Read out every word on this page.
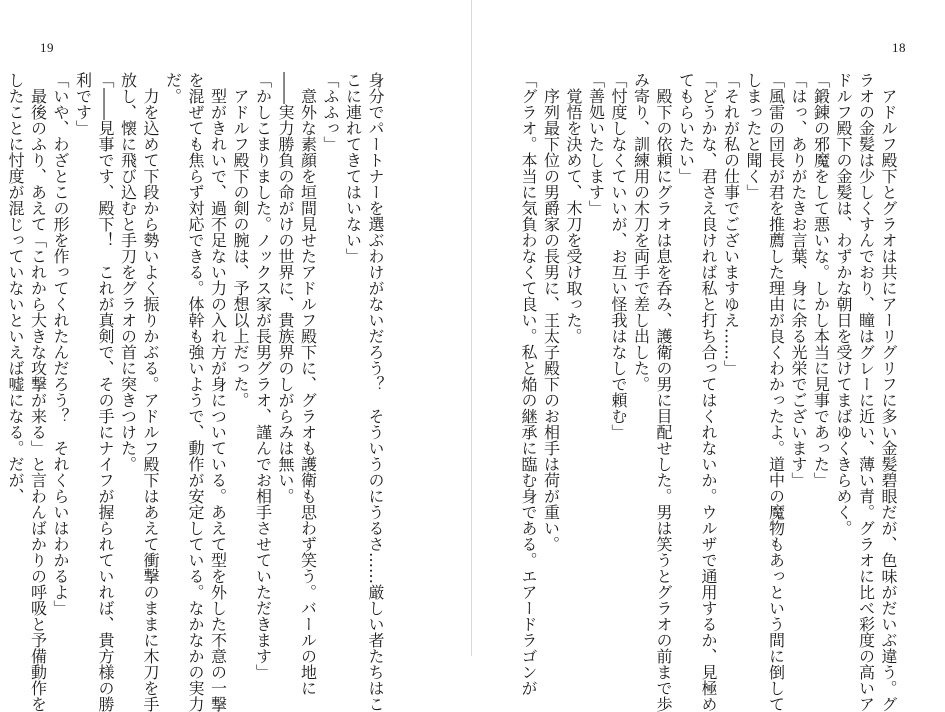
19
身分でパートナーを選ぶわけがないだろう？　そういうのにうるさ……厳しい者たちはこ
こに連れてきてはいない」
「ふふっ」
　意外な素顔を垣間見せたアドルフ殿下に、グラオも護衛も思わず笑う。バールの地に
――実力勝負の命がけの世界に、貴族界のしがらみは無い。
「かしこまりました。ノックス家が長男グラオ、謹んでお相手させていただきます」
　アドルフ殿下の剣の腕は、予想以上だった。
　型がきれいで、過不足ない力の入れ方が身についている。あえて型を外した不意の一撃
を混ぜても焦らず対応できる。体幹も強いようで、動作が安定している。なかなかの実力
だ。
　力を込めて下段から勢いよく振りかぶる。アドルフ殿下はあえて衝撃のままに木刀を手
放し、懐に飛び込むと手刀をグラオの首に突きつけた。
「――見事です、殿下！　これが真剣で、その手にナイフが握られていれば、貴方様の勝
利です」
「いや、わざとこの形を作ってくれたんだろう？　それくらいはわかるよ」
　最後のふり、あえて「これから大きな攻撃が来る」と言わんばかりの呼吸と予備動作を
したことに忖度が混じっていないといえば嘘になる。だが、
18
　アドルフ殿下とグラオは共にアーリグリフに多い金髪碧眼だが、色味がだいぶ違う。グ
ラオの金髪は少しくすんでおり、瞳はグレーに近い、薄い青。グラオに比べ彩度の高いア
ドルフ殿下の金髪は、わずかな朝日を受けてまばゆくきらめく。
「鍛錬の邪魔をして悪いな。しかし本当に見事であった」
「はっ、ありがたきお言葉、身に余る光栄でございます」
「風雷の団長が君を推薦した理由が良くわかったよ。道中の魔物もあっという間に倒して
しまったと聞く」
「それが私の仕事でございますゆえ……」
「どうかな、君さえ良ければ私と打ち合ってはくれないか。ウルザで通用するか、見極め
てもらいたい」
　殿下の依頼にグラオは息を呑み、護衛の男に目配せした。男は笑うとグラオの前まで歩
み寄り、訓練用の木刀を両手で差し出した。
「忖度しなくていいが、お互い怪我はなしで頼む」
「善処いたします」
　覚悟を決めて、木刀を受け取った。
　序列最下位の男爵家の長男に、王太子殿下のお相手は荷が重い。
「グラオ。本当に気負わなくて良い。私と焔の継承に臨む身である。エアードラゴンが
